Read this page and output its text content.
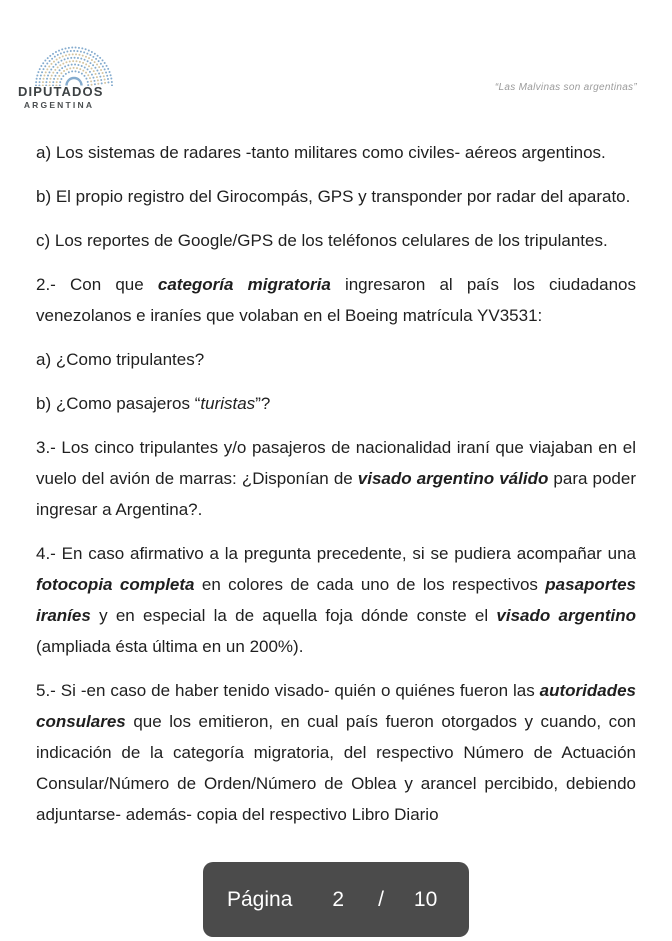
DIPUTADOS
ARGENTINA
“Las Malvinas son argentinas”

a) Los sistemas de radares -tanto militares como civiles- aéreos argentinos.

b) El propio registro del Girocompás, GPS y transponder por radar del aparato.

c) Los reportes de Google/GPS de los teléfonos celulares de los tripulantes.

2.- Con que categoría migratoria ingresaron al país los ciudadanos venezolanos e iraníes que volaban en el Boeing matrícula YV3531:

a) ¿Como tripulantes?

b) ¿Como pasajeros “turistas”?

3.- Los cinco tripulantes y/o pasajeros de nacionalidad iraní que viajaban en el vuelo del avión de marras: ¿Disponían de visado argentino válido para poder ingresar a Argentina?.

4.- En caso afirmativo a la pregunta precedente, si se pudiera acompañar una fotocopia completa en colores de cada uno de los respectivos pasaportes iraníes y en especial la de aquella foja dónde conste el visado argentino (ampliada ésta última en un 200%).

5.- Si -en caso de haber tenido visado- quién o quiénes fueron las autoridades consulares que los emitieron, en cual país fueron otorgados y cuando, con indicación de la categoría migratoria, del respectivo Número de Actuación Consular/Número de Orden/Número de Oblea y arancel percibido, debiendo adjuntarse- además- copia del respectivo Libro Diario

Página 2 / 10
